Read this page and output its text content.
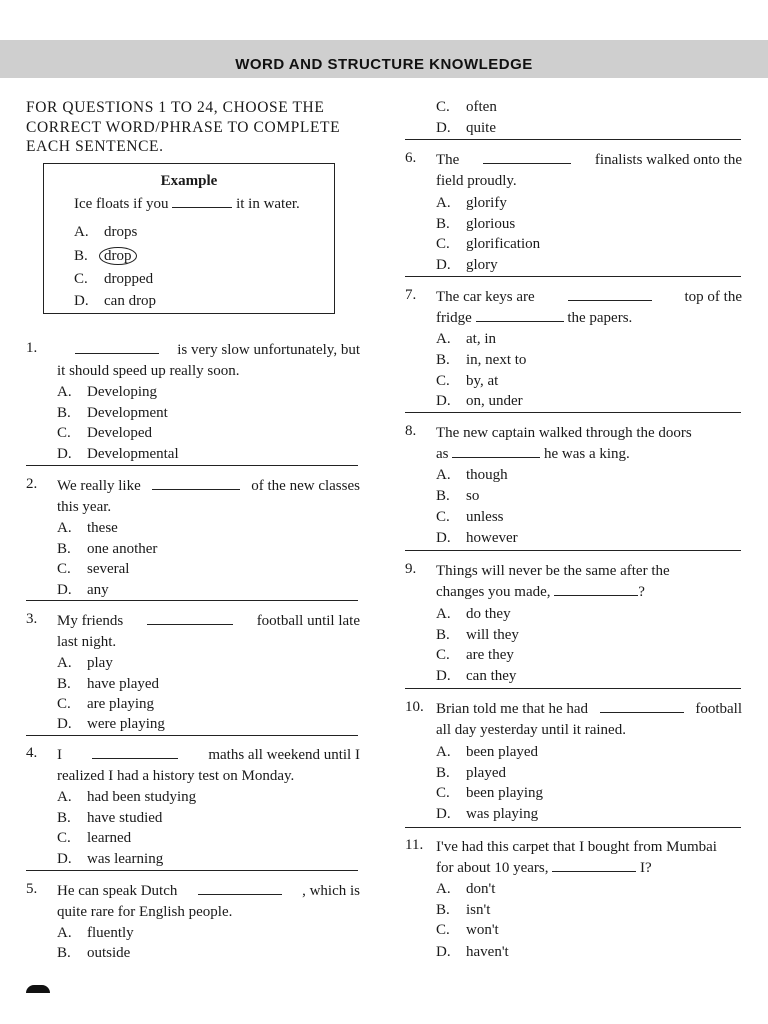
WORD AND STRUCTURE KNOWLEDGE
FOR QUESTIONS 1 TO 24, CHOOSE THE CORRECT WORD/PHRASE TO COMPLETE EACH SENTENCE.
Example
Ice floats if you	it in water.
A. drops
B. drop
C. dropped
D. can drop
1.	is very slow unfortunately, but
it should speed up really soon.
A. Developing
B. Development
C. Developed
D. Developmental
2. We really like	of the new classes
this year.
A. these
B. one another
C. several
D. any
3. My friends	football until late
last night.
A. play
B. have played
C. are playing
D. were playing
4. I	maths all weekend until I
realized I had a history test on Monday.
A. had been studying
B. have studied
C. learned
D. was learning
C. often
D. quite
5. He can speak Dutch	, which is
quite rare for English people.
A. fluently
B. outside
6. The	finalists walked onto the
field proudly.
A. glorify
B. glorious
C. glorification
D. glory
7. The car keys are	top of the
fridge	the papers.
A. at, in
B. in, next to
C. by, at
D. on, under
8. The new captain walked through the doors
as	he was a king.
A. though
B. so
C. unless
D. however
9. Things will never be the same after the
changes you made,	?
A. do they
B. will they
C. are they
D. can they
10. Brian told me that he had	football
all day yesterday until it rained.
A. been played
B. played
C. been playing
D. was playing
11. I've had this carpet that I bought from Mumbai
for about 10 years,	I?
A. don't
B. isn't
C. won't
D. haven't
